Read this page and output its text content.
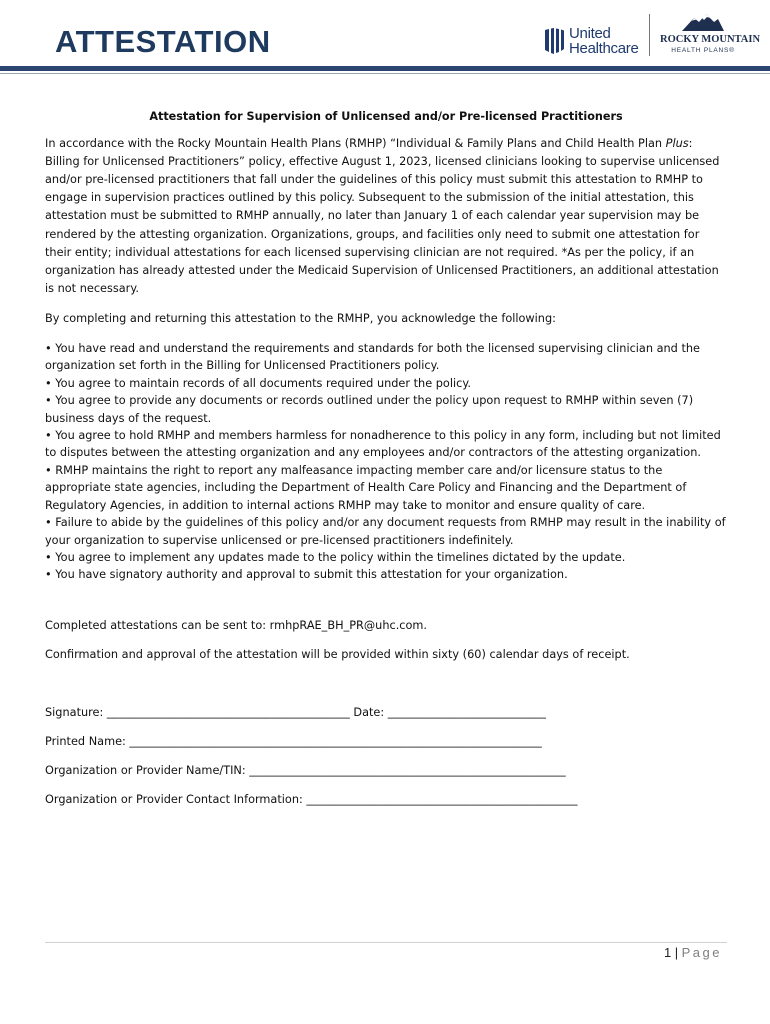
ATTESTATION	United
Healthcare
ROCKY MOUNTAIN
HEALTH PLANS®

Attestation for Supervision of Unlicensed and/or Pre-licensed Practitioners

In accordance with the Rocky Mountain Health Plans (RMHP) “Individual & Family Plans and Child Health Plan Plus: Billing for Unlicensed Practitioners” policy, effective August 1, 2023, licensed clinicians looking to supervise unlicensed and/or pre-licensed practitioners that fall under the guidelines of this policy must submit this attestation to RMHP to engage in supervision practices outlined by this policy. Subsequent to the submission of the initial attestation, this attestation must be submitted to RMHP annually, no later than January 1 of each calendar year supervision may be rendered by the attesting organization. Organizations, groups, and facilities only need to submit one attestation for their entity; individual attestations for each licensed supervising clinician are not required. *As per the policy, if an organization has already attested under the Medicaid Supervision of Unlicensed Practitioners, an additional attestation is not necessary.

By completing and returning this attestation to the RMHP, you acknowledge the following:

• You have read and understand the requirements and standards for both the licensed supervising clinician and the organization set forth in the Billing for Unlicensed Practitioners policy.
• You agree to maintain records of all documents required under the policy.
• You agree to provide any documents or records outlined under the policy upon request to RMHP within seven (7) business days of the request.
• You agree to hold RMHP and members harmless for nonadherence to this policy in any form, including but not limited to disputes between the attesting organization and any employees and/or contractors of the attesting organization.
• RMHP maintains the right to report any malfeasance impacting member care and/or licensure status to the appropriate state agencies, including the Department of Health Care Policy and Financing and the Department of Regulatory Agencies, in addition to internal actions RMHP may take to monitor and ensure quality of care.
• Failure to abide by the guidelines of this policy and/or any document requests from RMHP may result in the inability of your organization to supervise unlicensed or pre-licensed practitioners indefinitely.
• You agree to implement any updates made to the policy within the timelines dictated by the update.
• You have signatory authority and approval to submit this attestation for your organization.

Completed attestations can be sent to: rmhpRAE_BH_PR@uhc.com.

Confirmation and approval of the attestation will be provided within sixty (60) calendar days of receipt.

Signature: ___________________________________________ Date: ____________________________

Printed Name: _________________________________________________________________________

Organization or Provider Name/TIN: ________________________________________________________

Organization or Provider Contact Information: ________________________________________________

1 | Page
